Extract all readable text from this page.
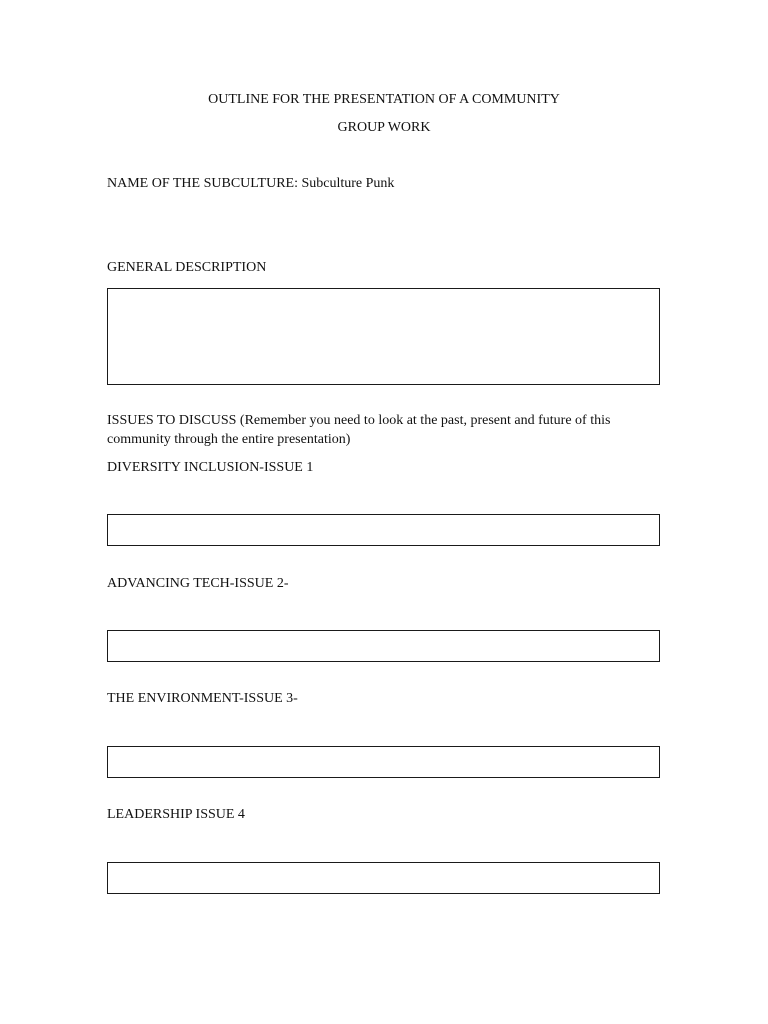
OUTLINE FOR THE PRESENTATION OF A COMMUNITY
GROUP WORK
NAME OF THE SUBCULTURE: Subculture Punk
GENERAL DESCRIPTION
ISSUES TO DISCUSS (Remember you need to look at the past, present and future of this
community through the entire presentation)
DIVERSITY INCLUSION-ISSUE 1
ADVANCING TECH-ISSUE 2-
THE ENVIRONMENT-ISSUE 3-
LEADERSHIP ISSUE 4
